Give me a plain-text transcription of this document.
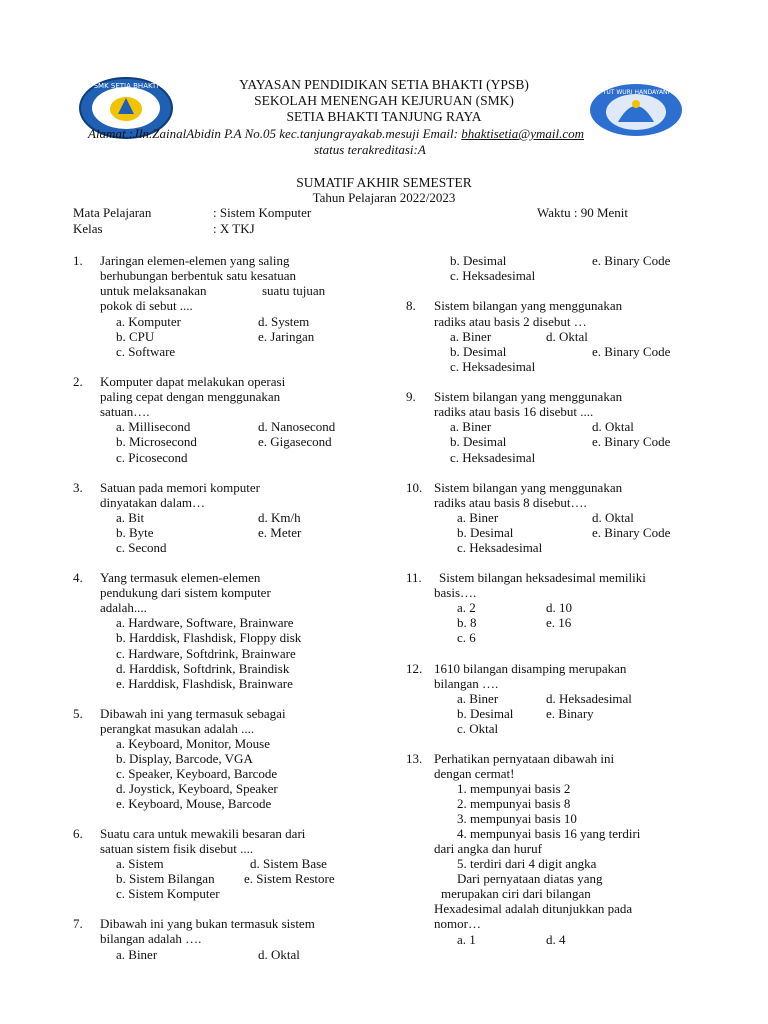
SMK SETIA BHAKTI
TUT WURI HANDAYANI
YAYASAN PENDIDIKAN SETIA BHAKTI (YPSB)
SEKOLAH MENENGAH KEJURUAN (SMK)
SETIA BHAKTI TANJUNG RAYA
Alamat :Jln.ZainalAbidin P.A No.05 kec.tanjungrayakab.mesuji Email: bhaktisetia@ymail.com
status terakreditasi:A
SUMATIF AKHIR SEMESTER
Tahun Pelajaran 2022/2023
Mata Pelajaran	: Sistem Komputer	Waktu : 90 Menit
Kelas	: X TKJ
1. Jaringan elemen-elemen yang saling
berhubungan berbentuk satu kesatuan
untuk melaksanakan	suatu tujuan
pokok di sebut ....
a. Komputer	d. System
b. CPU	e. Jaringan
c. Software
2. Komputer dapat melakukan operasi
paling cepat dengan menggunakan
satuan….
a. Millisecond	d. Nanosecond
b. Microsecond	e. Gigasecond
c. Picosecond
3. Satuan pada memori komputer
dinyatakan dalam…
a. Bit	d. Km/h
b. Byte	e. Meter
c. Second
4. Yang termasuk elemen-elemen
pendukung dari sistem komputer
adalah....
a. Hardware, Software, Brainware
b. Harddisk, Flashdisk, Floppy disk
c. Hardware, Softdrink, Brainware
d. Harddisk, Softdrink, Braindisk
e. Harddisk, Flashdisk, Brainware
5. Dibawah ini yang termasuk sebagai
perangkat masukan adalah ....
a. Keyboard, Monitor, Mouse
b. Display, Barcode, VGA
c. Speaker, Keyboard, Barcode
d. Joystick, Keyboard, Speaker
e. Keyboard, Mouse, Barcode
6. Suatu cara untuk mewakili besaran dari
satuan sistem fisik disebut ....
a. Sistem	d. Sistem Base
b. Sistem Bilangan e. Sistem Restore
c. Sistem Komputer
7. Dibawah ini yang bukan termasuk sistem
bilangan adalah ….
a. Biner	d. Oktal
b. Desimal	e. Binary Code
c. Heksadesimal
8. Sistem bilangan yang menggunakan
radiks atau basis 2 disebut …
a. Biner	d. Oktal
b. Desimal	e. Binary Code
c. Heksadesimal
9. Sistem bilangan yang menggunakan
radiks atau basis 16 disebut ....
a. Biner	d. Oktal
b. Desimal	e. Binary Code
c. Heksadesimal
10. Sistem bilangan yang menggunakan
radiks atau basis 8 disebut….
a. Biner	d. Oktal
b. Desimal	e. Binary Code
c. Heksadesimal
11. Sistem bilangan heksadesimal memiliki
basis….
a. 2	d. 10
b. 8	e. 16
c. 6
12. 1610 bilangan disamping merupakan
bilangan ….
a. Biner	d. Heksadesimal
b. Desimal	e. Binary
c. Oktal
13. Perhatikan pernyataan dibawah ini
dengan cermat!
1. mempunyai basis 2
2. mempunyai basis 8
3. mempunyai basis 10
4. mempunyai basis 16 yang terdiri
dari angka dan huruf
5. terdiri dari 4 digit angka
Dari pernyataan diatas yang
merupakan ciri dari bilangan
Hexadesimal adalah ditunjukkan pada
nomor…
a. 1	d. 4
